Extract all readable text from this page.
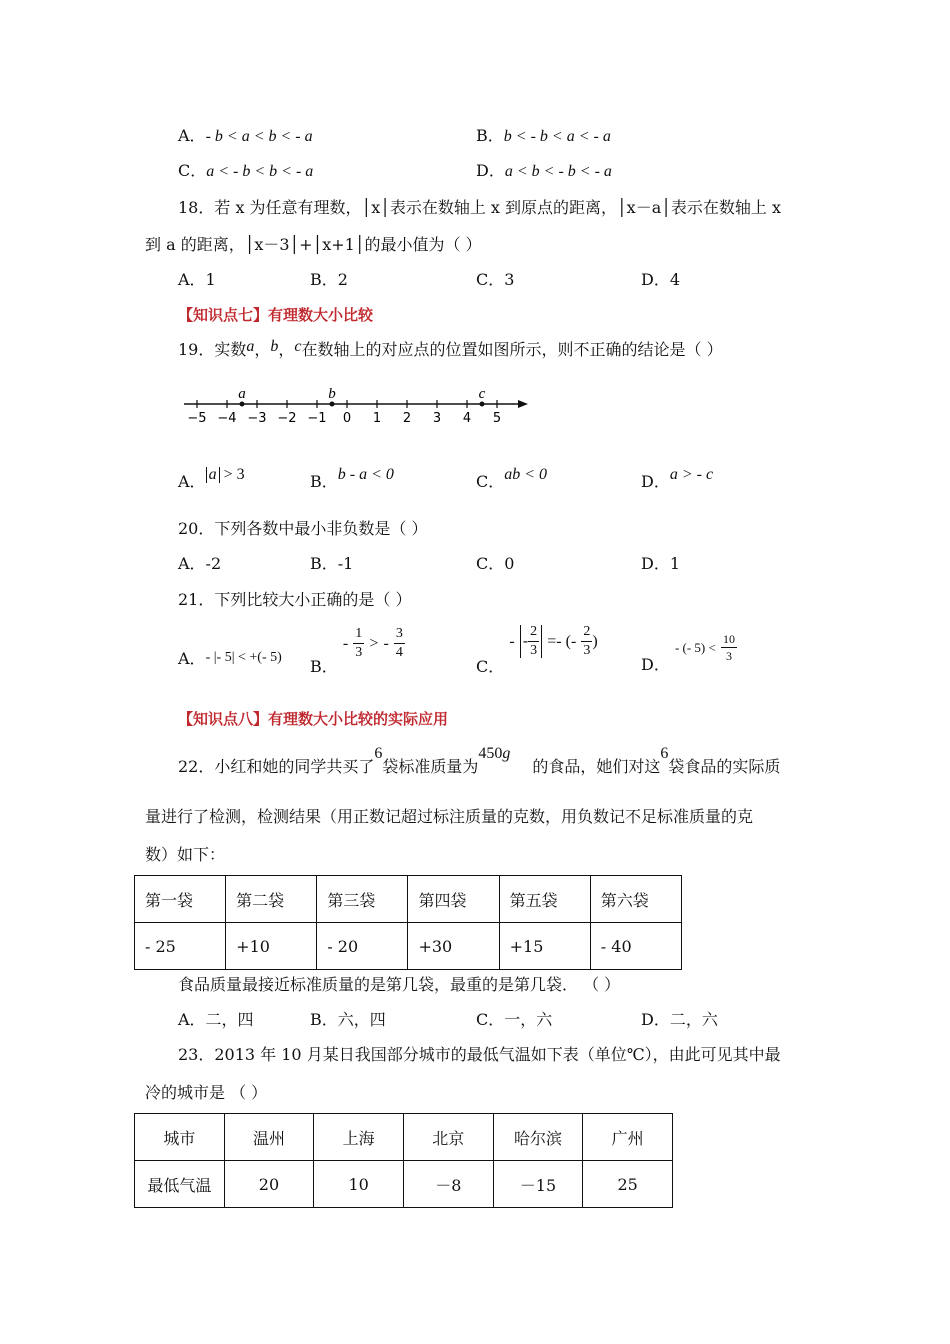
A．- b < a < b < - a	B．b < - b < a < - a
C．a < - b < b < - a	D．a < b < - b < - a
18．若 x 为任意有理数，│x│表示在数轴上 x 到原点的距离，│x－a│表示在数轴上 x
到 a 的距离，│x－3│+│x+1│的最小值为（ ）
A．1	B．2	C．3	D．4
【知识点七】有理数大小比较
19．实数a，b，c在数轴上的对应点的位置如图所示，则不正确的结论是（ ）
−5 −4 −3 −2 −1 0 1 2 3 4 5
a	b	c
A． a > 3	B．b - a < 0	C．ab < 0	D．a > - c
20．下列各数中最小非负数是（ ）
A．-2	B．-1	C．0	D．1
21．下列比较大小正确的是（ ）
A．- |- 5| < +(- 5) B． - $\frac{1}{3}$ > - $\frac{3}{4}$
C． - - $\frac{2}{3}$ =- (- $\frac{2}{3}$ )
D． - (- $5) < \frac{10}{3}$
【知识点八】有理数大小比较的实际应用
22．小红和她的同学共买了6袋标准质量为450g的食品，她们对这6袋食品的实际质
量进行了检测，检测结果（用正数记超过标注质量的克数，用负数记不足标准质量的克
数）如下：
第一袋	第二袋	第三袋	第四袋	第五袋	第六袋
- 25	+10	- 20	+30	+15	- 40
食品质量最接近标准质量的是第几袋，最重的是第几袋． （ ）
A．二，四	B．六，四	C．一，六	D．二，六
23．2013 年 10 月某日我国部分城市的最低气温如下表（单位℃），由此可见其中最
冷的城市是 （ ）
城市	温州	上海	北京	哈尔滨	广州
最低气温	20	10	－8	－15	25
